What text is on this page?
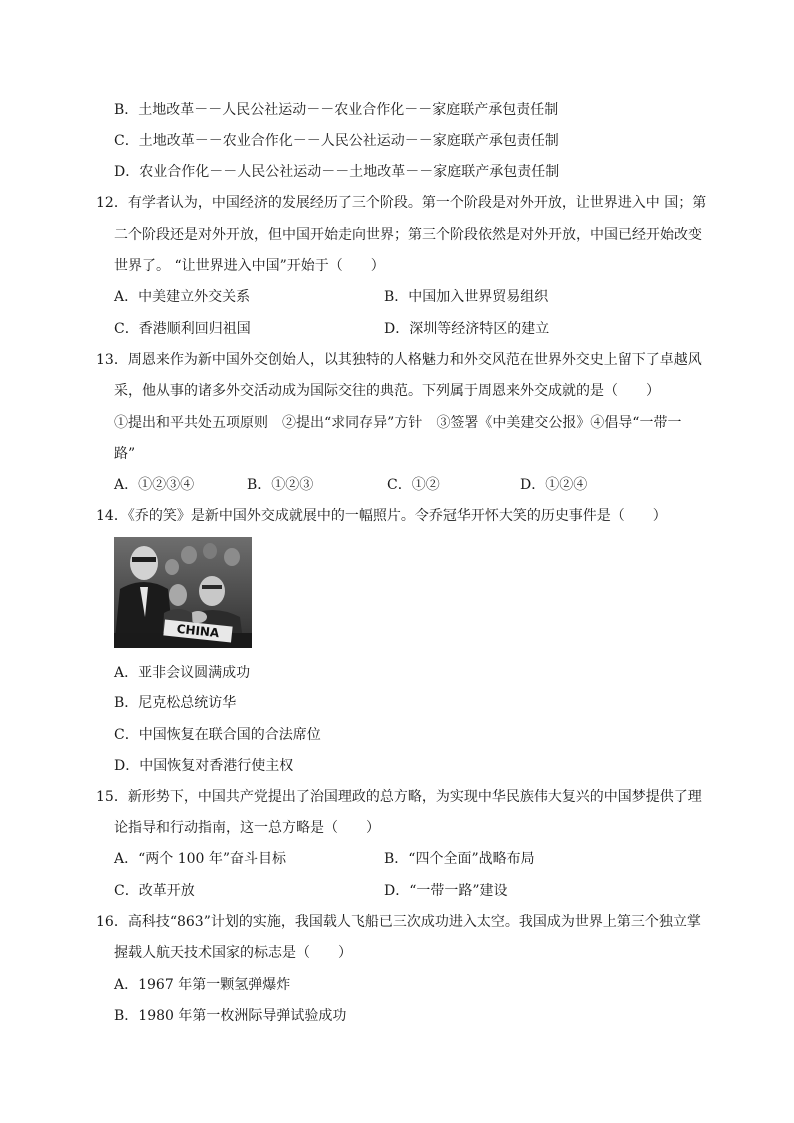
B．土地改革－－人民公社运动－－农业合作化－－家庭联产承包责任制
C．土地改革－－农业合作化－－人民公社运动－－家庭联产承包责任制
D．农业合作化－－人民公社运动－－土地改革－－家庭联产承包责任制
12．有学者认为，中国经济的发展经历了三个阶段。第一个阶段是对外开放，让世界进入中 国；第
二个阶段还是对外开放，但中国开始走向世界；第三个阶段依然是对外开放，中国已经开始改变
世界了。 “让世界进入中国”开始于（　　）
A．中美建立外交关系	B．中国加入世界贸易组织
C．香港顺利回归祖国	D．深圳等经济特区的建立
13．周恩来作为新中国外交创始人，以其独特的人格魅力和外交风范在世界外交史上留下了卓越风
采，他从事的诸多外交活动成为国际交往的典范。下列属于周恩来外交成就的是（　　）
①提出和平共处五项原则　②提出“求同存异”方针　③签署《中美建交公报》④倡导“一带一
路”
A．①②③④	B．①②③	C．①②	D．①②④
14．《乔的笑》是新中国外交成就展中的一幅照片。令乔冠华开怀大笑的历史事件是（　　）
CHINA
A．亚非会议圆满成功
B．尼克松总统访华
C．中国恢复在联合国的合法席位
D．中国恢复对香港行使主权
15．新形势下，中国共产党提出了治国理政的总方略，为实现中华民族伟大复兴的中国梦提供了理
论指导和行动指南，这一总方略是（　　）
A．“两个 100 年”奋斗目标	B．“四个全面”战略布局
C．改革开放	D．“一带一路”建设
16．高科技“863”计划的实施，我国载人飞船已三次成功进入太空。我国成为世界上第三个独立掌
握载人航天技术国家的标志是（　　）
A．1967 年第一颗氢弹爆炸
B．1980 年第一枚洲际导弹试验成功
